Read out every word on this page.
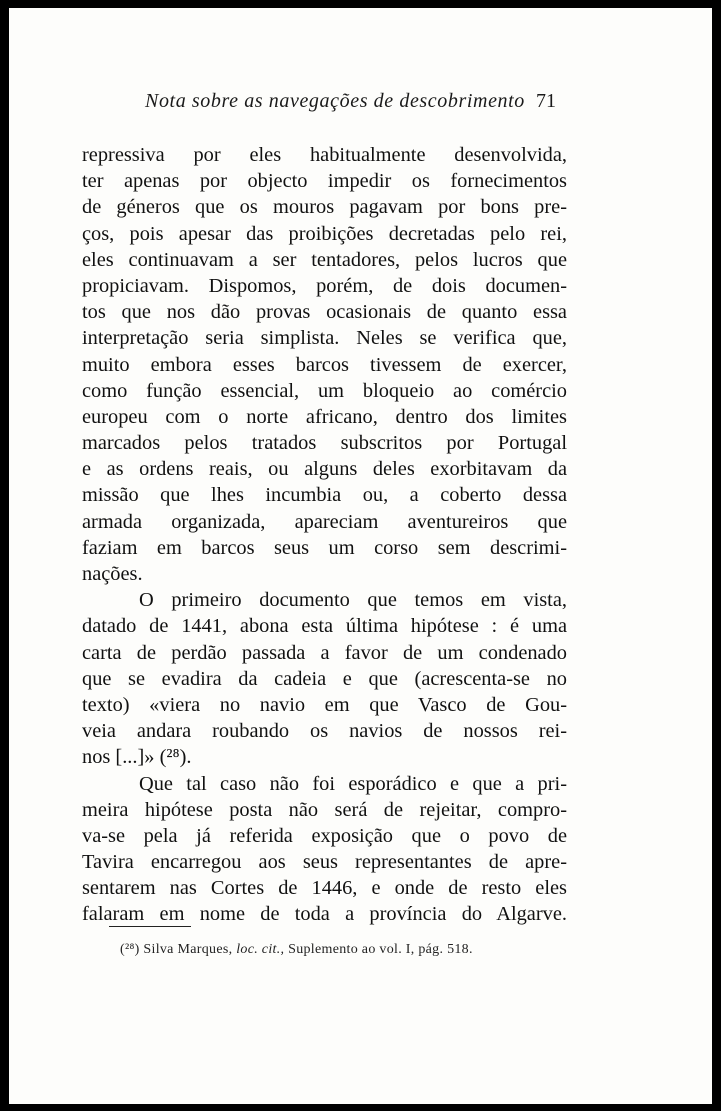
Nota sobre as navegações de descobrimento 71
repressiva por eles habitualmente desenvolvida,
ter apenas por objecto impedir os fornecimentos
de géneros que os mouros pagavam por bons pre-
ços, pois apesar das proibições decretadas pelo rei,
eles continuavam a ser tentadores, pelos lucros que
propiciavam. Dispomos, porém, de dois documen-
tos que nos dão provas ocasionais de quanto essa
interpretação seria simplista. Neles se verifica que,
muito embora esses barcos tivessem de exercer,
como função essencial, um bloqueio ao comércio
europeu com o norte africano, dentro dos limites
marcados pelos tratados subscritos por Portugal
e as ordens reais, ou alguns deles exorbitavam da
missão que lhes incumbia ou, a coberto dessa
armada organizada, apareciam aventureiros que
faziam em barcos seus um corso sem descrimi-
nações.
O primeiro documento que temos em vista,
datado de 1441, abona esta última hipótese : é uma
carta de perdão passada a favor de um condenado
que se evadira da cadeia e que (acrescenta-se no
texto) «viera no navio em que Vasco de Gou-
veia andara roubando os navios de nossos rei-
nos [...]» (²⁸).
Que tal caso não foi esporádico e que a pri-
meira hipótese posta não será de rejeitar, compro-
va-se pela já referida exposição que o povo de
Tavira encarregou aos seus representantes de apre-
sentarem nas Cortes de 1446, e onde de resto eles
falaram em nome de toda a província do Algarve.
(²⁸) Silva Marques, loc. cit., Suplemento ao vol. I, pág. 518.
